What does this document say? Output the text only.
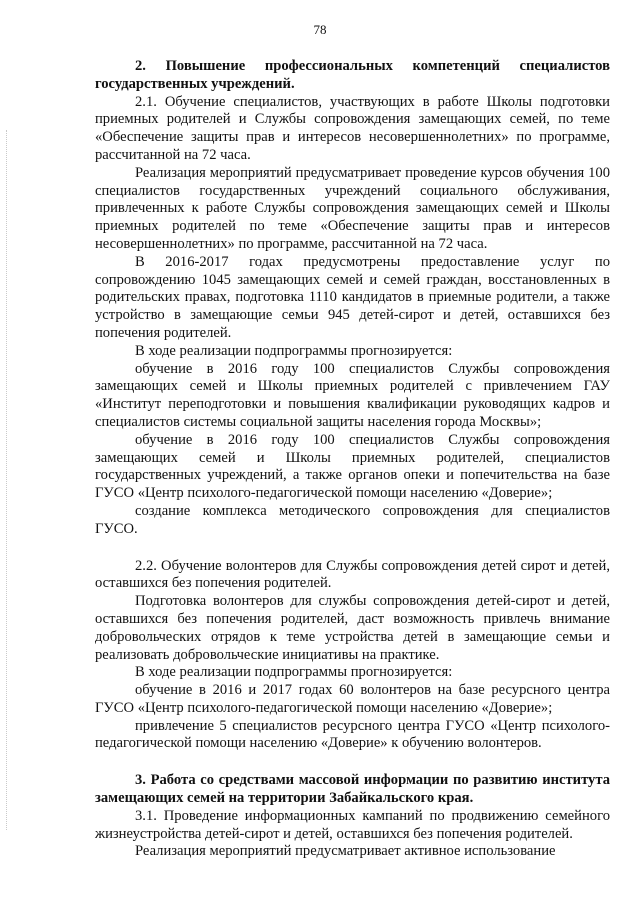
78
2. Повышение профессиональных компетенций специалистов государственных учреждений.
2.1. Обучение специалистов, участвующих в работе Школы подготовки приемных родителей и Службы сопровождения замещающих семей, по теме «Обеспечение защиты прав и интересов несовершеннолетних» по программе, рассчитанной на 72 часа.
Реализация мероприятий предусматривает проведение курсов обучения 100 специалистов государственных учреждений социального обслуживания, привлеченных к работе Службы сопровождения замещающих семей и Школы приемных родителей по теме «Обеспечение защиты прав и интересов несовершеннолетних» по программе, рассчитанной на 72 часа.
В 2016-2017 годах предусмотрены предоставление услуг по сопровождению 1045 замещающих семей и семей граждан, восстановленных в родительских правах, подготовка 1110 кандидатов в приемные родители, а также устройство в замещающие семьи 945 детей-сирот и детей, оставшихся без попечения родителей.
В ходе реализации подпрограммы прогнозируется:
обучение в 2016 году 100 специалистов Службы сопровождения замещающих семей и Школы приемных родителей с привлечением ГАУ «Институт переподготовки и повышения квалификации руководящих кадров и специалистов системы социальной защиты населения города Москвы»;
обучение в 2016 году 100 специалистов Службы сопровождения замещающих семей и Школы приемных родителей, специалистов государственных учреждений, а также органов опеки и попечительства на базе ГУСО «Центр психолого-педагогической помощи населению «Доверие»;
создание комплекса методического сопровождения для специалистов ГУСО.
2.2. Обучение волонтеров для Службы сопровождения детей сирот и детей, оставшихся без попечения родителей.
Подготовка волонтеров для службы сопровождения детей-сирот и детей, оставшихся без попечения родителей, даст возможность привлечь внимание добровольческих отрядов к теме устройства детей в замещающие семьи и реализовать добровольческие инициативы на практике.
В ходе реализации подпрограммы прогнозируется:
обучение в 2016 и 2017 годах 60 волонтеров на базе ресурсного центра ГУСО «Центр психолого-педагогической помощи населению «Доверие»;
привлечение 5 специалистов ресурсного центра ГУСО «Центр психолого-педагогической помощи населению «Доверие» к обучению волонтеров.
3. Работа со средствами массовой информации по развитию института замещающих семей на территории Забайкальского края.
3.1. Проведение информационных кампаний по продвижению семейного жизнеустройства детей-сирот и детей, оставшихся без попечения родителей.
Реализация мероприятий предусматривает активное использование
